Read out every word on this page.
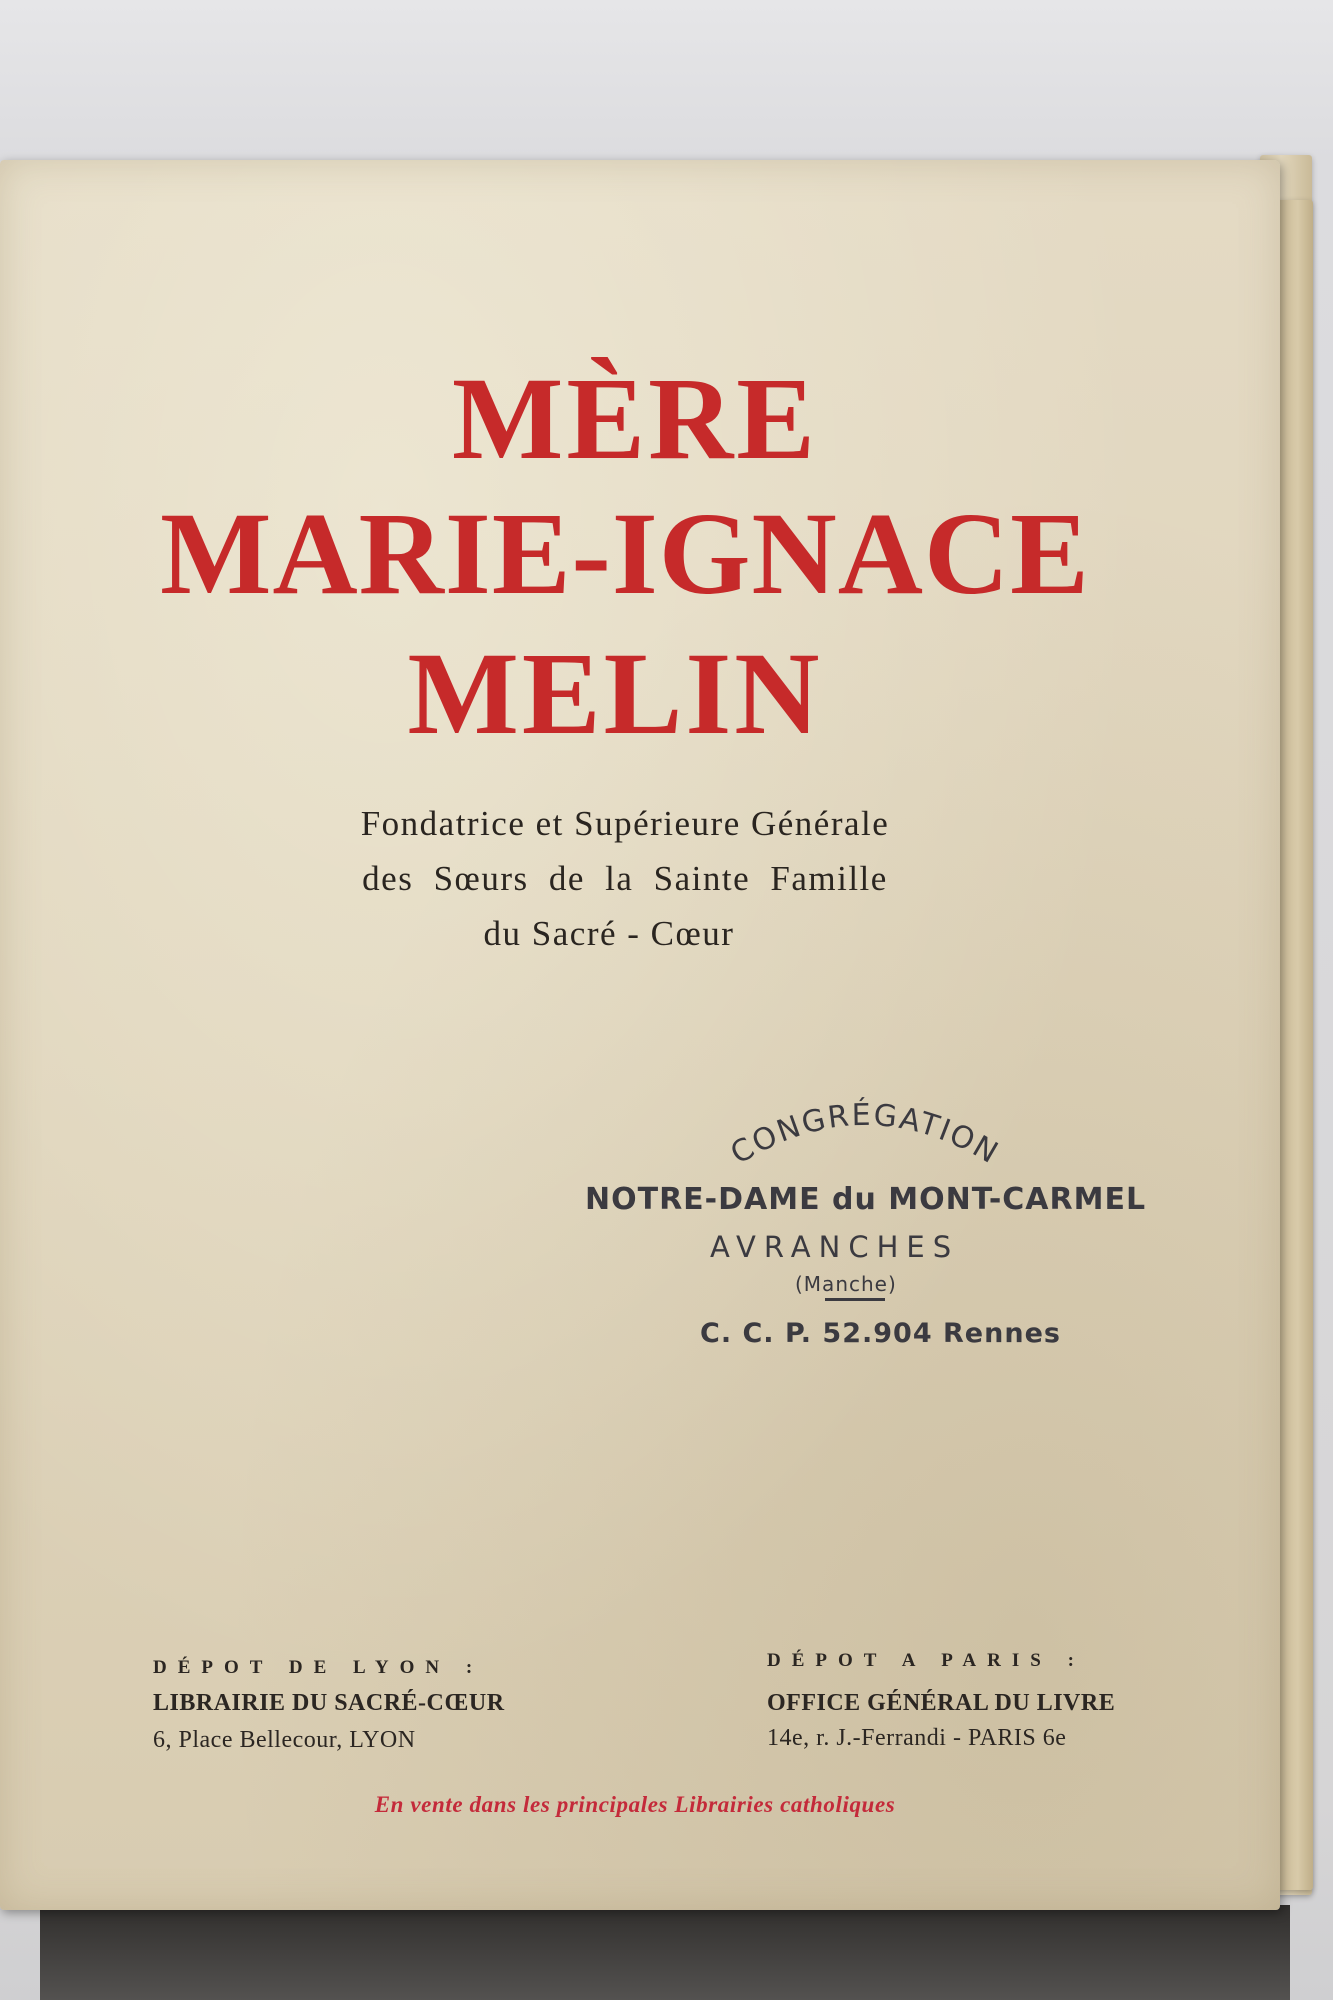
MÈRE
MARIE-IGNACE
MELIN
Fondatrice et Supérieure Générale
des Sœurs de la Sainte Famille
du Sacré - Cœur
CONGRÉGATION
NOTRE-DAME du MONT-CARMEL
AVRANCHES
(Manche)
C. C. P. 52.904 Rennes
DÉPOT DE LYON :
LIBRAIRIE DU SACRÉ-CŒUR
6, Place Bellecour, LYON
DÉPOT A PARIS :
OFFICE GÉNÉRAL DU LIVRE
14e, r. J.-Ferrandi - PARIS 6e
En vente dans les principales Librairies catholiques
